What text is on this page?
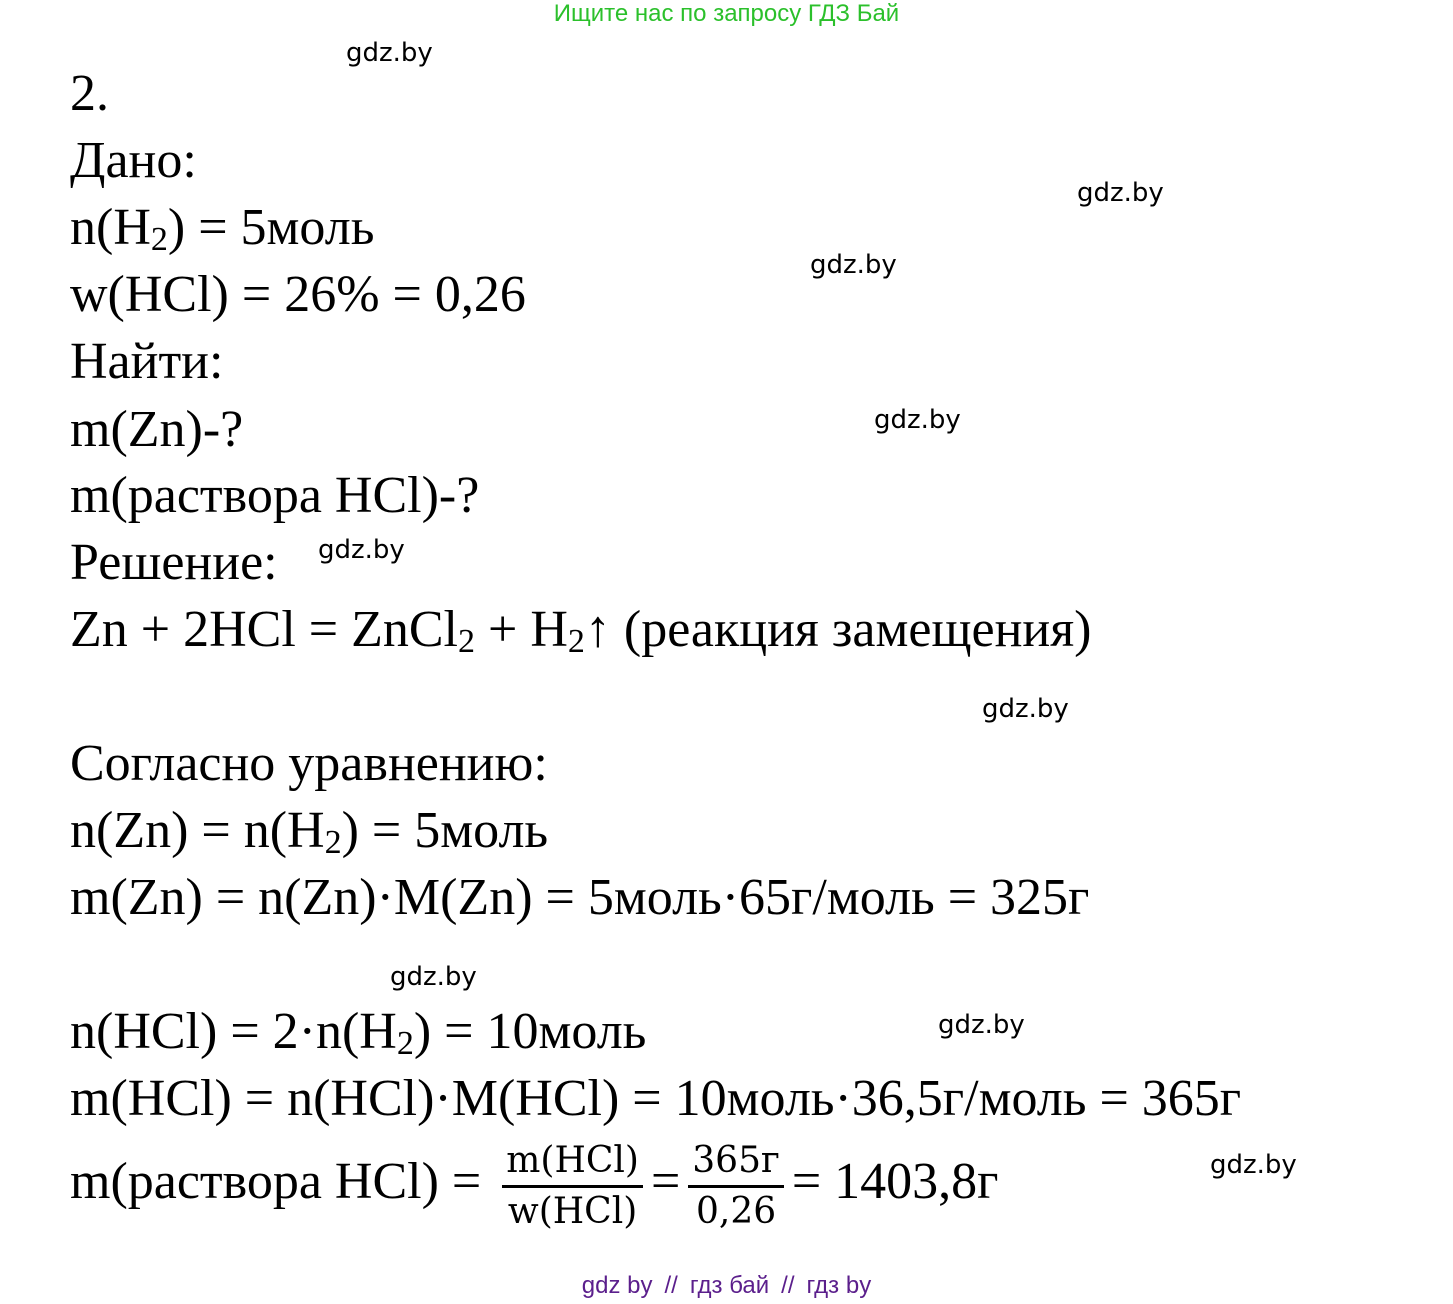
Ищите нас по запросу ГДЗ Бай
gdz.by
gdz.by
gdz.by
gdz.by
gdz.by
gdz.by
gdz.by
gdz.by
gdz.by
2.
Дано:
$n(H_2)$ = 5моль
w(HCl) = 26% = 0,26
Найти:
m(Zn)-?
m(раствора HCl)-?
Решение:
Zn + 2HCl = ZnCl$_2$ + $H_2↑$ (реакция замещения)
Согласно уравнению:
$n(Zn) = n(H_2)$ = 5моль
m(Zn) = n(Zn)·M(Zn) = 5моль·65г/моль = 325г
$n(HCl) = 2\cdot n(H_2)$ = 10моль
m(HCl) = n(HCl)·M(HCl) = 10моль·36,5г/моль = 365г
m(раствора $HCl) = \frac{\text{m(HCl)}}{\text{w(HCl)}} = \frac{365г}{0,26} = 1403,8г$
gdz by // гдз бай // гдз by
